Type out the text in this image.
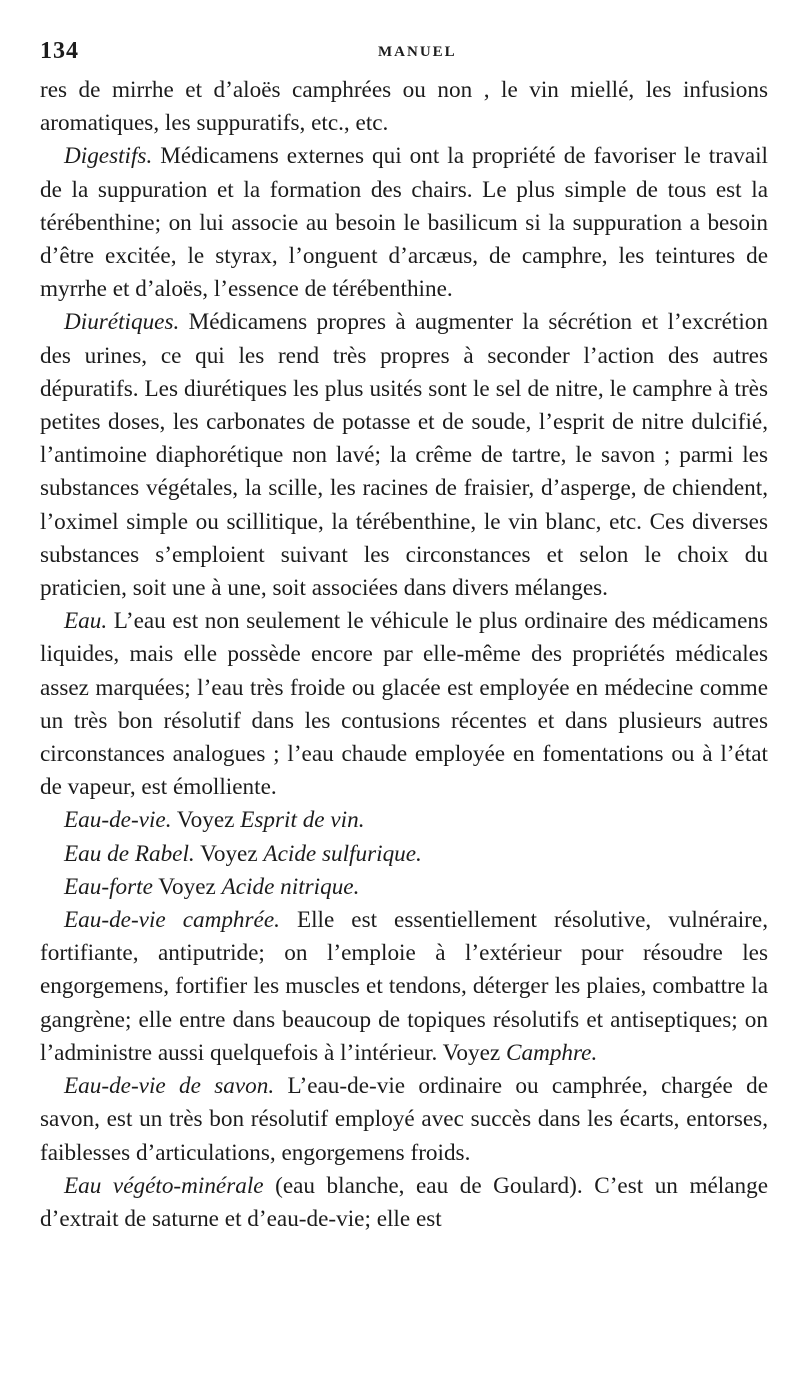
134	MANUEL

res de mirrhe et d’aloës camphrées ou non , le vin miellé, les infusions aromatiques, les suppuratifs, etc., etc.

Digestifs. Médicamens externes qui ont la propriété de favoriser le travail de la suppuration et la formation des chairs. Le plus simple de tous est la térébenthine; on lui associe au besoin le basilicum si la suppuration a besoin d’être excitée, le styrax, l’onguent d’arcæus, de camphre, les teintures de myrrhe et d’aloës, l’essence de térébenthine.

Diurétiques. Médicamens propres à augmenter la sécrétion et l’excrétion des urines, ce qui les rend très propres à seconder l’action des autres dépuratifs. Les diurétiques les plus usités sont le sel de nitre, le camphre à très petites doses, les carbonates de potasse et de soude, l’esprit de nitre dulcifié, l’antimoine diaphorétique non lavé; la crême de tartre, le savon ; parmi les substances végétales, la scille, les racines de fraisier, d’asperge, de chiendent, l’oximel simple ou scillitique, la térébenthine, le vin blanc, etc. Ces diverses substances s’emploient suivant les circonstances et selon le choix du praticien, soit une à une, soit associées dans divers mélanges.

Eau. L’eau est non seulement le véhicule le plus ordinaire des médicamens liquides, mais elle possède encore par elle-même des propriétés médicales assez marquées; l’eau très froide ou glacée est employée en médecine comme un très bon résolutif dans les contusions récentes et dans plusieurs autres circonstances analogues ; l’eau chaude employée en fomentations ou à l’état de vapeur, est émolliente.

Eau-de-vie. Voyez Esprit de vin.

Eau de Rabel. Voyez Acide sulfurique.

Eau-forte Voyez Acide nitrique.

Eau-de-vie camphrée. Elle est essentiellement résolutive, vulnéraire, fortifiante, antiputride; on l’emploie à l’extérieur pour résoudre les engorgemens, fortifier les muscles et tendons, déterger les plaies, combattre la gangrène; elle entre dans beaucoup de topiques résolutifs et antiseptiques; on l’administre aussi quelquefois à l’intérieur. Voyez Camphre.

Eau-de-vie de savon. L’eau-de-vie ordinaire ou camphrée, chargée de savon, est un très bon résolutif employé avec succès dans les écarts, entorses, faiblesses d’articulations, engorgemens froids.

Eau végéto-minérale (eau blanche, eau de Goulard). C’est un mélange d’extrait de saturne et d’eau-de-vie; elle est
